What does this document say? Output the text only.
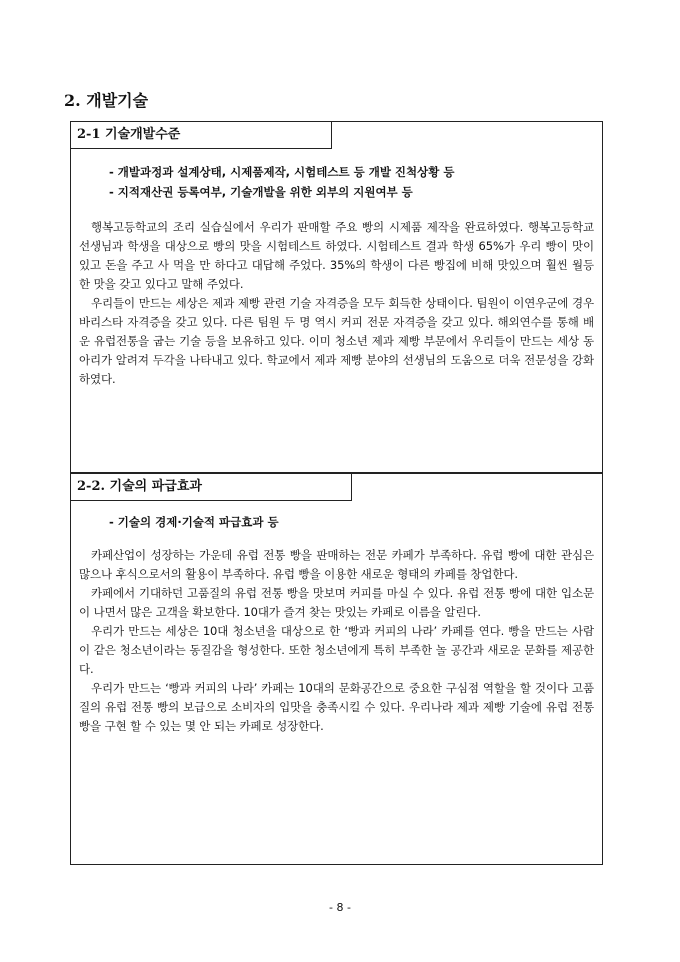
2. 개발기술
2-1 기술개발수준
- 개발과정과 설계상태, 시제품제작, 시험테스트 등 개발 진척상황 등
- 지적재산권 등록여부, 기술개발을 위한 외부의 지원여부 등

행복고등학교의 조리 실습실에서 우리가 판매할 주요 빵의 시제품 제작을 완료하였다. 행복고등학교 선생님과 학생을 대상으로 빵의 맛을 시험테스트 하였다. 시험테스트 결과 학생 65%가 우리 빵이 맛이 있고 돈을 주고 사 먹을 만 하다고 대답해 주었다. 35%의 학생이 다른 빵집에 비해 맛있으며 훨씬 월등한 맛을 갖고 있다고 말해 주었다.

우리들이 만드는 세상은 제과 제빵 관련 기술 자격증을 모두 회득한 상태이다. 팀원이 이연우군에 경우 바리스타 자격증을 갖고 있다. 다른 팀원 두 명 역시 커피 전문 자격증을 갖고 있다. 해외연수를 통해 배운 유럽전통을 굽는 기술 등을 보유하고 있다. 이미 청소년 제과 제빵 부문에서 우리들이 만드는 세상 동아리가 알려져 두각을 나타내고 있다. 학교에서 제과 제빵 분야의 선생님의 도움으로 더욱 전문성을 강화하였다.

2-2. 기술의 파급효과
- 기술의 경제·기술적 파급효과 등

카페산업이 성장하는 가운데 유럽 전통 빵을 판매하는 전문 카페가 부족하다. 유럽 빵에 대한 관심은 많으나 후식으로서의 활용이 부족하다. 유럽 빵을 이용한 새로운 형태의 카페를 창업한다.

카페에서 기대하던 고품질의 유럽 전통 빵을 맛보며 커피를 마실 수 있다. 유럽 전통 빵에 대한 입소문이 나면서 많은 고객을 확보한다. 10대가 즐겨 찾는 맛있는 카페로 이름을 알린다.

우리가 만드는 세상은 10대 청소년을 대상으로 한 ‘빵과 커피의 나라’ 카페를 연다. 빵을 만드는 사람이 같은 청소년이라는 동질감을 형성한다. 또한 청소년에게 특히 부족한 놀 공간과 새로운 문화를 제공한다.

우리가 만드는 ‘빵과 커피의 나라’ 카페는 10대의 문화공간으로 중요한 구심점 역할을 할 것이다 고품질의 유럽 전통 빵의 보급으로 소비자의 입맛을 충족시킬 수 있다. 우리나라 제과 제빵 기술에 유럽 전통 빵을 구현 할 수 있는 몇 안 되는 카페로 성장한다.

- 8 -
